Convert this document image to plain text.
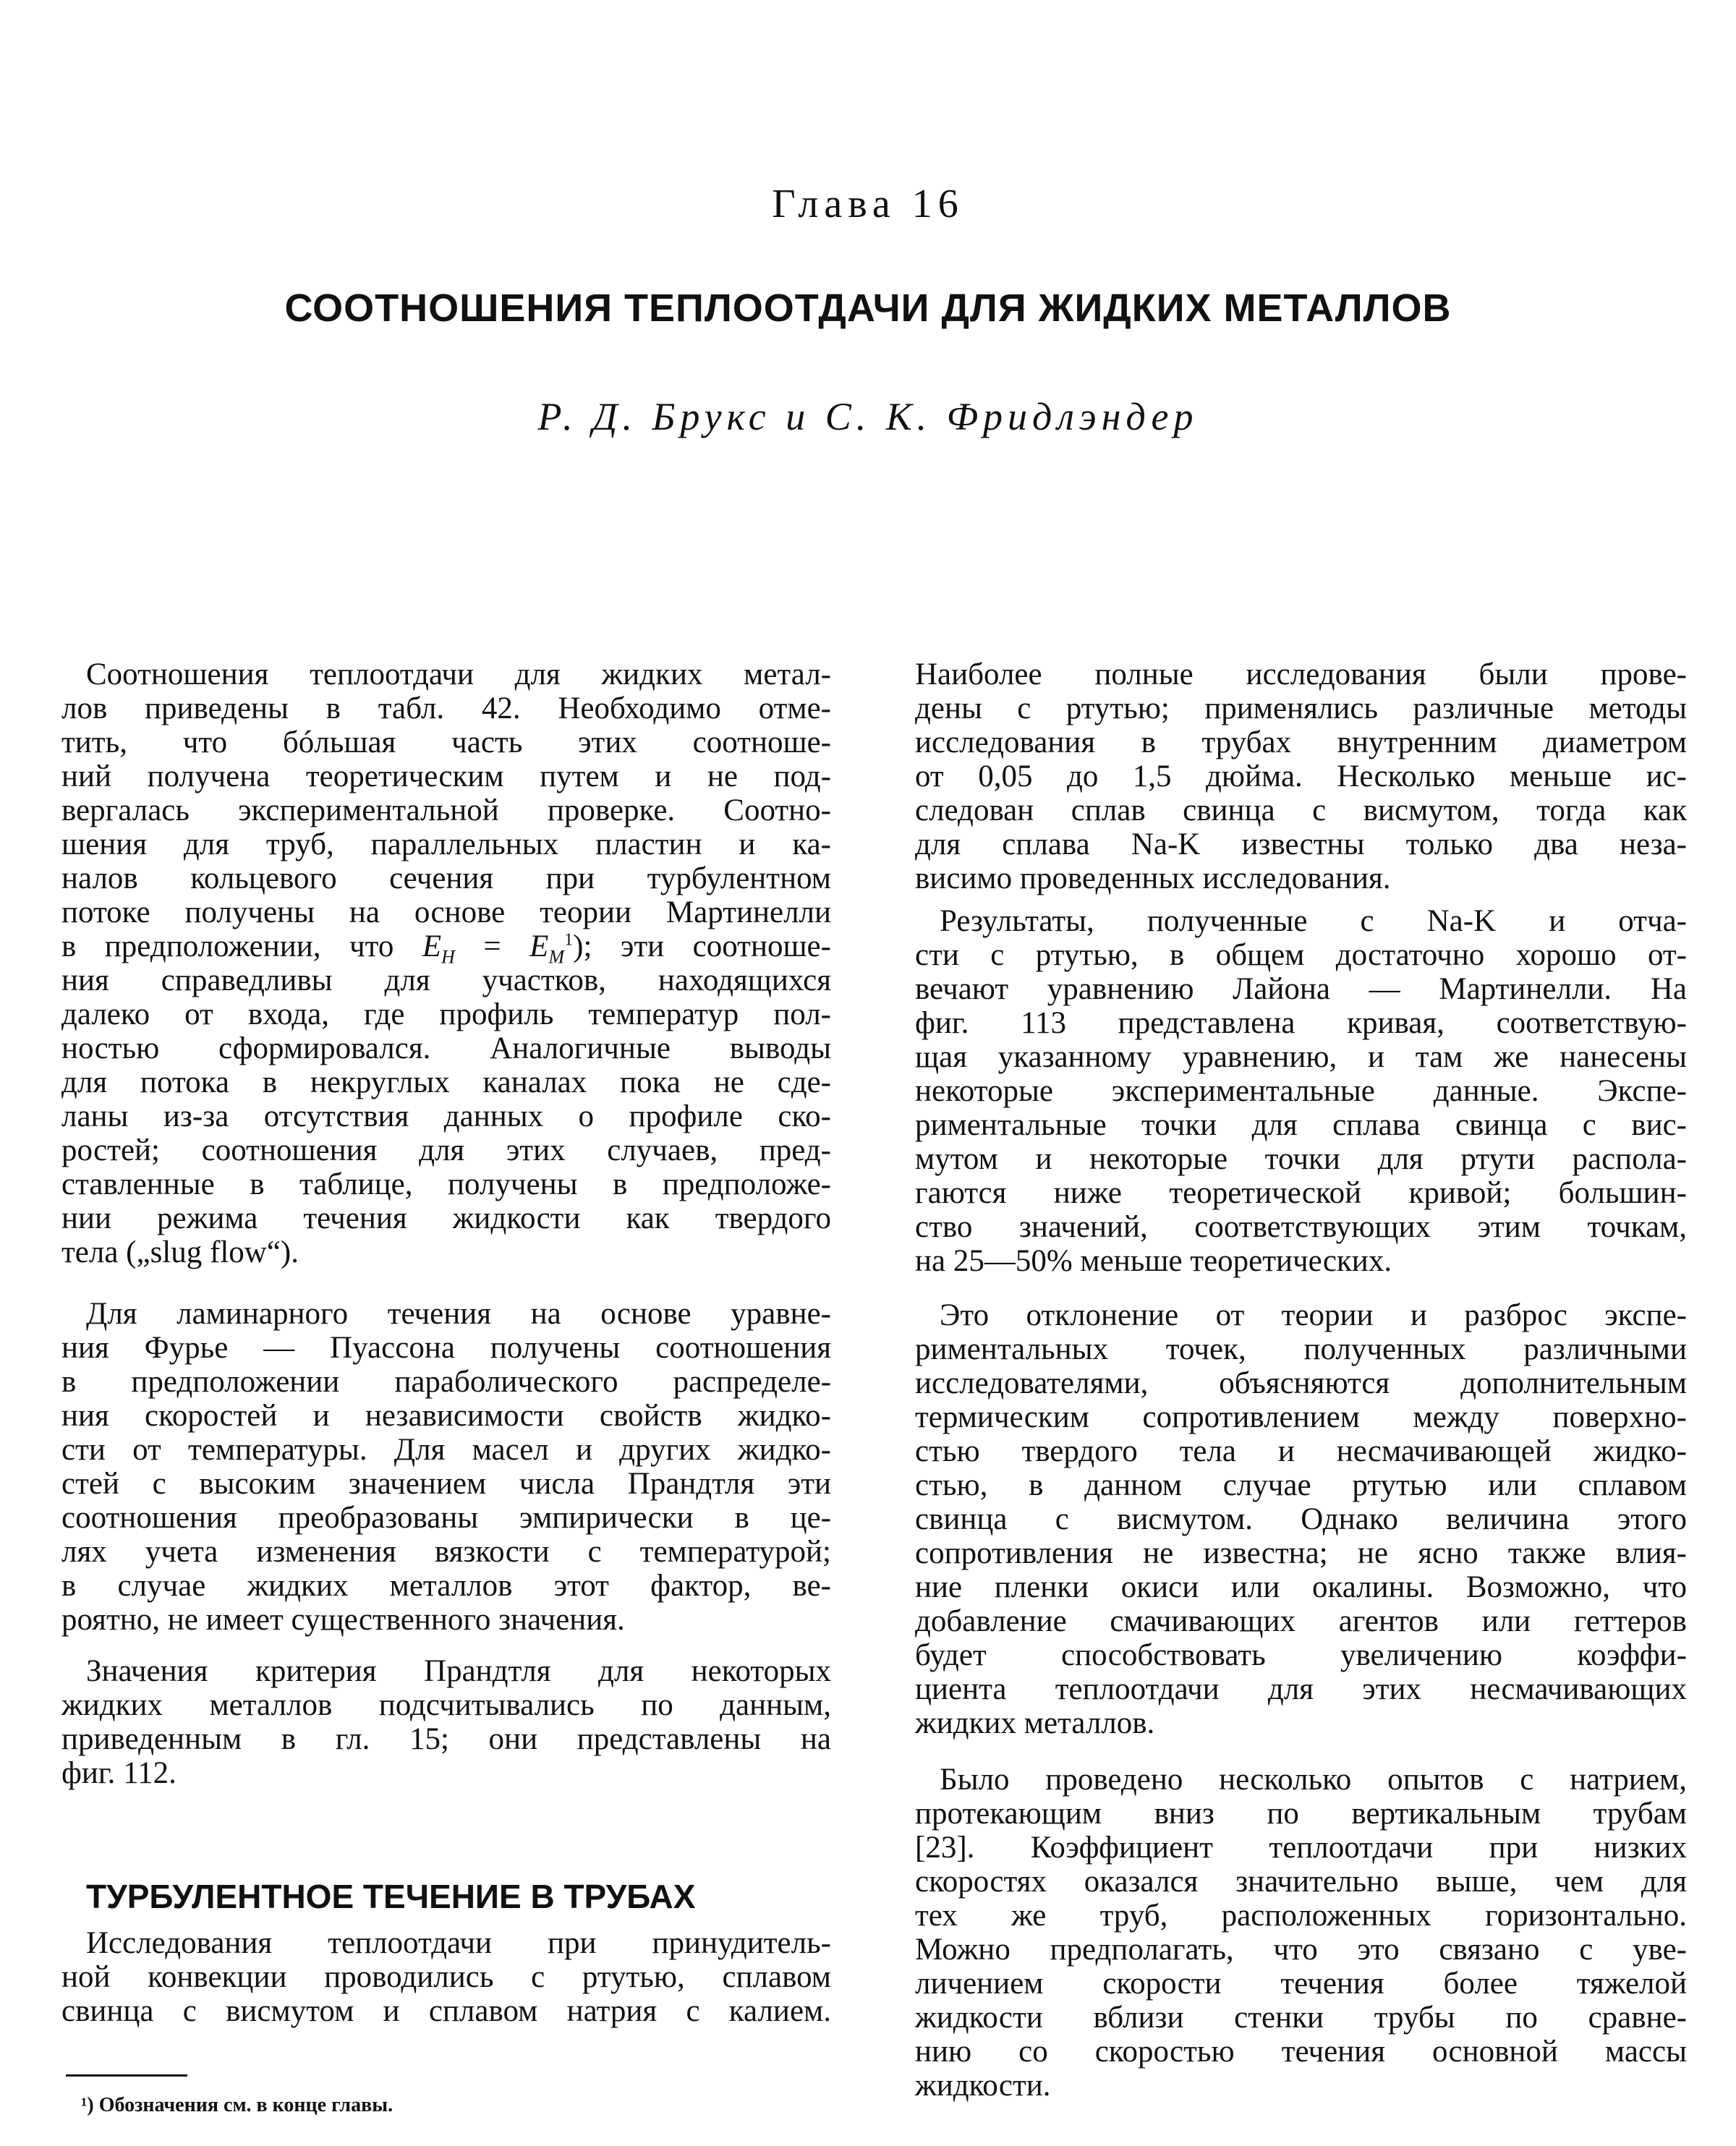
Глава 16
СООТНОШЕНИЯ ТЕПЛООТДАЧИ ДЛЯ ЖИДКИХ МЕТАЛЛОВ
Р. Д. Брукс и С. К. Фридлэндер
Соотношения теплоотдачи для жидких метал-
лов приведены в табл. 42. Необходимо отме-
тить, что бóльшая часть этих соотноше-
ний получена теоретическим путем и не под-
вергалась экспериментальной проверке. Соотно-
шения для труб, параллельных пластин и ка-
налов кольцевого сечения при турбулентном
потоке получены на основе теории Мартинелли
в предположении, что $E_H = E_M^1$); эти соотноше-
ния справедливы для участков, находящихся
далеко от входа, где профиль температур пол-
ностью сформировался. Аналогичные выводы
для потока в некруглых каналах пока не сде-
ланы из-за отсутствия данных о профиле ско-
ростей; соотношения для этих случаев, пред-
ставленные в таблице, получены в предположе-
нии режима течения жидкости как твердого
тела („slug flow“).
Для ламинарного течения на основе уравне-
ния Фурье — Пуассона получены соотношения
в предположении параболического распределе-
ния скоростей и независимости свойств жидко-
сти от температуры. Для масел и других жидко-
стей с высоким значением числа Прандтля эти
соотношения преобразованы эмпирически в це-
лях учета изменения вязкости с температурой;
в случае жидких металлов этот фактор, ве-
роятно, не имеет существенного значения.
Значения критерия Прандтля для некоторых
жидких металлов подсчитывались по данным,
приведенным в гл. 15; они представлены на
фиг. 112.
Исследования теплоотдачи при принудитель-
ной конвекции проводились с ртутью, сплавом
свинца с висмутом и сплавом натрия с калием.
Наиболее полные исследования были прове-
дены с ртутью; применялись различные методы
исследования в трубах внутренним диаметром
от 0,05 до 1,5 дюйма. Несколько меньше ис-
следован сплав свинца с висмутом, тогда как
для сплава Na-K известны только два неза-
висимо проведенных исследования.
Результаты, полученные с Na-K и отча-
сти с ртутью, в общем достаточно хорошо от-
вечают уравнению Лайона — Мартинелли. На
фиг. 113 представлена кривая, соответствую-
щая указанному уравнению, и там же нанесены
некоторые экспериментальные данные. Экспе-
риментальные точки для сплава свинца с вис-
мутом и некоторые точки для ртути распола-
гаются ниже теоретической кривой; большин-
ство значений, соответствующих этим точкам,
на 25—50% меньше теоретических.
Это отклонение от теории и разброс экспе-
риментальных точек, полученных различными
исследователями, объясняются дополнительным
термическим сопротивлением между поверхно-
стью твердого тела и несмачивающей жидко-
стью, в данном случае ртутью или сплавом
свинца с висмутом. Однако величина этого
сопротивления не известна; не ясно также влия-
ние пленки окиси или окалины. Возможно, что
добавление смачивающих агентов или геттеров
будет способствовать увеличению коэффи-
циента теплоотдачи для этих несмачивающих
жидких металлов.
Было проведено несколько опытов с натрием,
протекающим вниз по вертикальным трубам
[23]. Коэффициент теплоотдачи при низких
скоростях оказался значительно выше, чем для
тех же труб, расположенных горизонтально.
Можно предполагать, что это связано с уве-
личением скорости течения более тяжелой
жидкости вблизи стенки трубы по сравне-
нию со скоростью течения основной массы
жидкости.
ТУРБУЛЕНТНОЕ ТЕЧЕНИЕ В ТРУБАХ
¹) Обозначения см. в конце главы.
